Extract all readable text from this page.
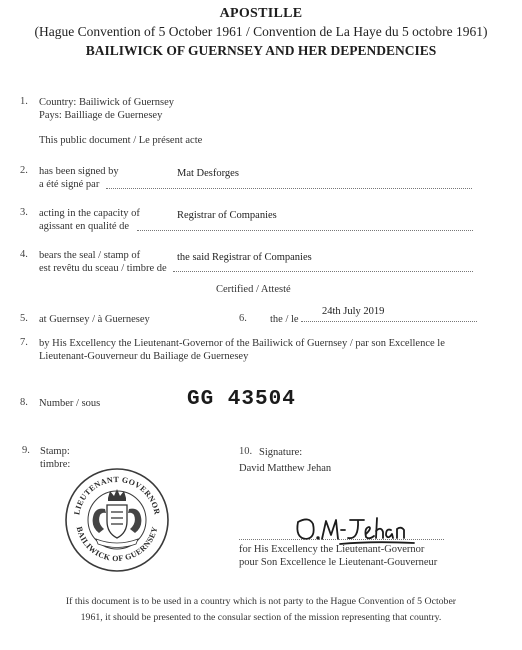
APOSTILLE
(Hague Convention of 5 October 1961 / Convention de La Haye du 5 octobre 1961)
BAILIWICK OF GUERNSEY AND HER DEPENDENCIES
1. Country: Bailiwick of Guernsey
Pays: Bailliage de Guernesey
This public document / Le présent acte
2. has been signed by
a été signé par
Mat Desforges
3. acting in the capacity of
agissant en qualité de
Registrar of Companies
4. bears the seal / stamp of
est revêtu du sceau / timbre de
the said Registrar of Companies
Certified / Attesté
5. at Guernsey / à Guernesey	6. the / le
24th July 2019
7. by His Excellency the Lieutenant-Governor of the Bailiwick of Guernsey / par son Excellence le
Lieutenant-Gouverneur du Bailiage de Guernesey
8. Number / sous	GG 43504
9. Stamp:
timbre:
LIEUTENANT GOVERNOR
BAILIWICK OF GUERNSEY
10. Signature:
David Matthew Jehan
for His Excellency the Lieutenant-Governor
pour Son Excellence le Lieutenant-Gouverneur
If this document is to be used in a country which is not party to the Hague Convention of 5 October
1961, it should be presented to the consular section of the mission representing that country.
